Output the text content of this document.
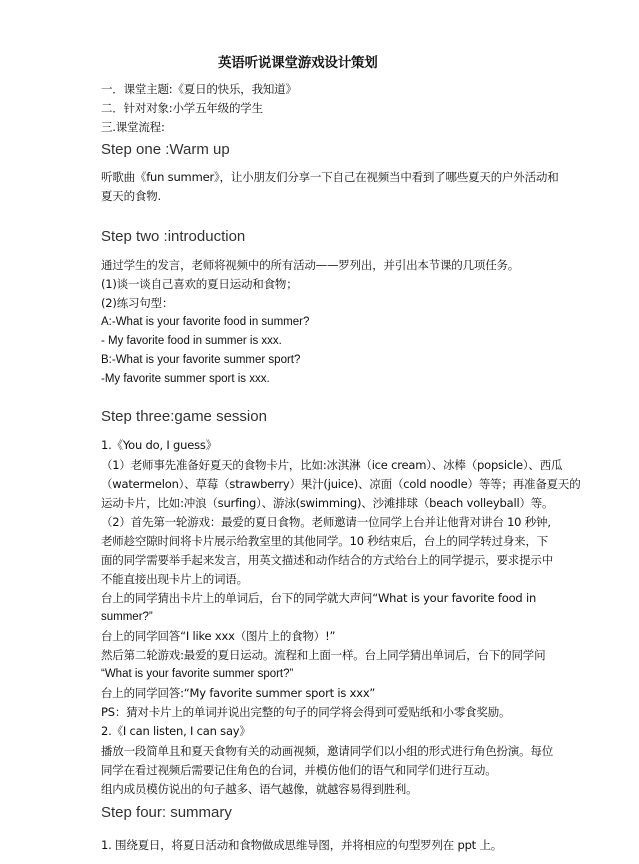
英语听说课堂游戏设计策划
一．课堂主题:《夏日的快乐，我知道》
二．针对对象:小学五年级的学生
三.课堂流程:
Step one :Warm up
听歌曲《fun summer》，让小朋友们分享一下自己在视频当中看到了哪些夏天的户外活动和
夏天的食物.
Step two :introduction
通过学生的发言，老师将视频中的所有活动——罗列出，并引出本节课的几项任务。
(1)谈一谈自己喜欢的夏日运动和食物；
(2)练习句型：
A:-What is your favorite food in summer?
- My favorite food in summer is xxx.
B:-What is your favorite summer sport?
-My favorite summer sport is xxx.
Step three:game session
1.《You do, I guess》
（1）老师事先准备好夏天的食物卡片，比如:冰淇淋（ice cream）、冰棒（popsicle）、西瓜
（watermelon）、草莓（strawberry）果汁(juice)、凉面（cold noodle）等等；再准备夏天的
运动卡片，比如:冲浪（surfing）、游泳(swimming)、沙滩排球（beach volleyball）等。
（2）首先第一轮游戏：最爱的夏日食物。老师邀请一位同学上台并让他背对讲台 10 秒钟,
老师趁空隙时间将卡片展示给教室里的其他同学。10 秒结束后，台上的同学转过身来，下
面的同学需要举手起来发言，用英文描述和动作结合的方式给台上的同学提示，要求提示中
不能直接出现卡片上的词语。
台上的同学猜出卡片上的单词后，台下的同学就大声问“What is your favorite food in
summer?”
台上的同学回答“I like xxx（图片上的食物）!”
然后第二轮游戏:最爱的夏日运动。流程和上面一样。台上同学猜出单词后，台下的同学问
“What is your favorite summer sport?”
台上的同学回答:“My favorite summer sport is xxx”
PS：猜对卡片上的单词并说出完整的句子的同学将会得到可爱贴纸和小零食奖励。
2.《I can listen, I can say》
播放一段简单且和夏天食物有关的动画视频，邀请同学们以小组的形式进行角色扮演。每位
同学在看过视频后需要记住角色的台词，并模仿他们的语气和同学们进行互动。
组内成员模仿说出的句子越多、语气越像，就越容易得到胜利。
Step four: summary
1. 围绕夏日，将夏日活动和食物做成思维导图，并将相应的句型罗列在 ppt 上。
